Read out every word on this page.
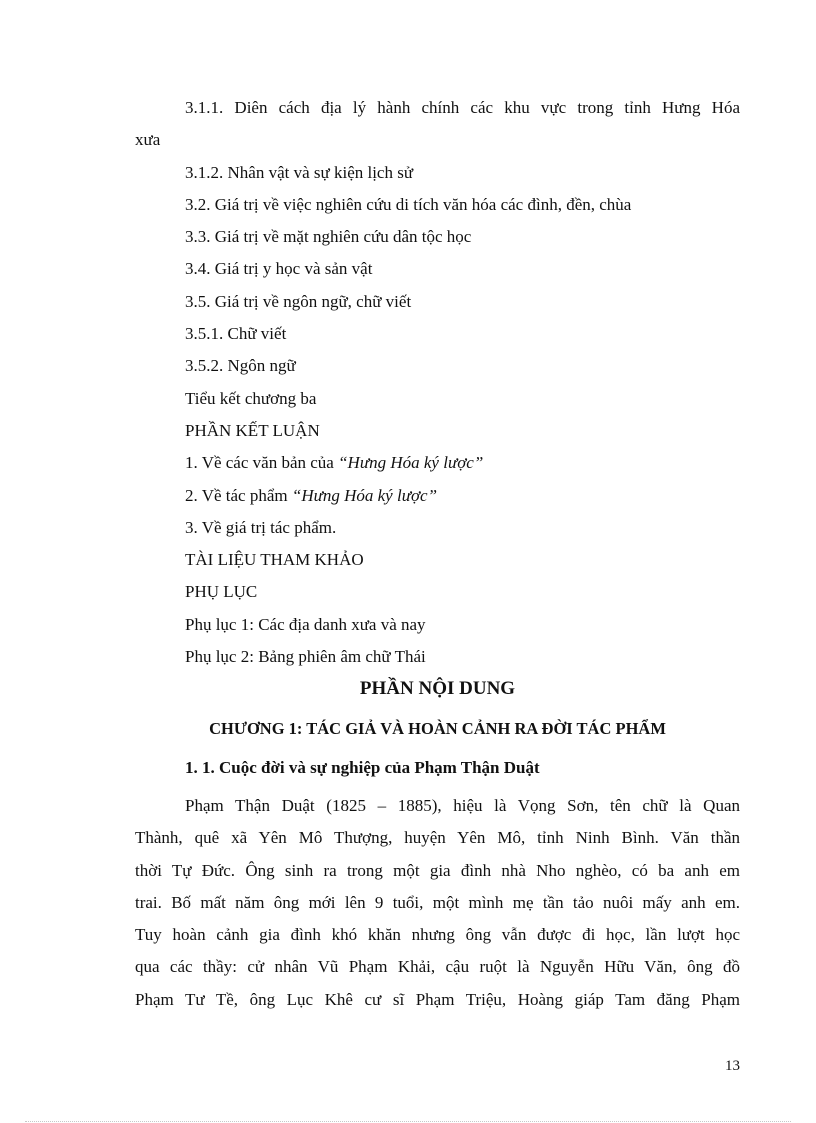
3.1.1. Diên cách địa lý hành chính các khu vực trong tỉnh Hưng Hóa
xưa
3.1.2. Nhân vật và sự kiện lịch sử
3.2. Giá trị về việc nghiên cứu di tích văn hóa các đình, đền, chùa
3.3. Giá trị về mặt nghiên cứu dân tộc học
3.4. Giá trị y học và sản vật
3.5. Giá trị về ngôn ngữ, chữ viết
3.5.1. Chữ viết
3.5.2. Ngôn ngữ
Tiểu kết chương ba
PHẦN KẾT LUẬN
1. Về các văn bản của “Hưng Hóa ký lược”
2. Về tác phẩm “Hưng Hóa ký lược”
3. Về giá trị tác phẩm.
TÀI LIỆU THAM KHẢO
PHỤ LỤC
Phụ lục 1: Các địa danh xưa và nay
Phụ lục 2: Bảng phiên âm chữ Thái
PHẦN NỘI DUNG
CHƯƠNG 1: TÁC GIẢ VÀ HOÀN CẢNH RA ĐỜI TÁC PHẨM
1. 1. Cuộc đời và sự nghiệp của Phạm Thận Duật
Phạm Thận Duật (1825 – 1885), hiệu là Vọng Sơn, tên chữ là Quan
Thành, quê xã Yên Mô Thượng, huyện Yên Mô, tỉnh Ninh Bình. Văn thần
thời Tự Đức. Ông sinh ra trong một gia đình nhà Nho nghèo, có ba anh em
trai. Bố mất năm ông mới lên 9 tuổi, một mình mẹ tần tảo nuôi mấy anh em.
Tuy hoàn cảnh gia đình khó khăn nhưng ông vẫn được đi học, lần lượt học
qua các thầy: cử nhân Vũ Phạm Khải, cậu ruột là Nguyễn Hữu Văn, ông đồ
Phạm Tư Tề, ông Lục Khê cư sĩ Phạm Triệu, Hoàng giáp Tam đăng Phạm
13
